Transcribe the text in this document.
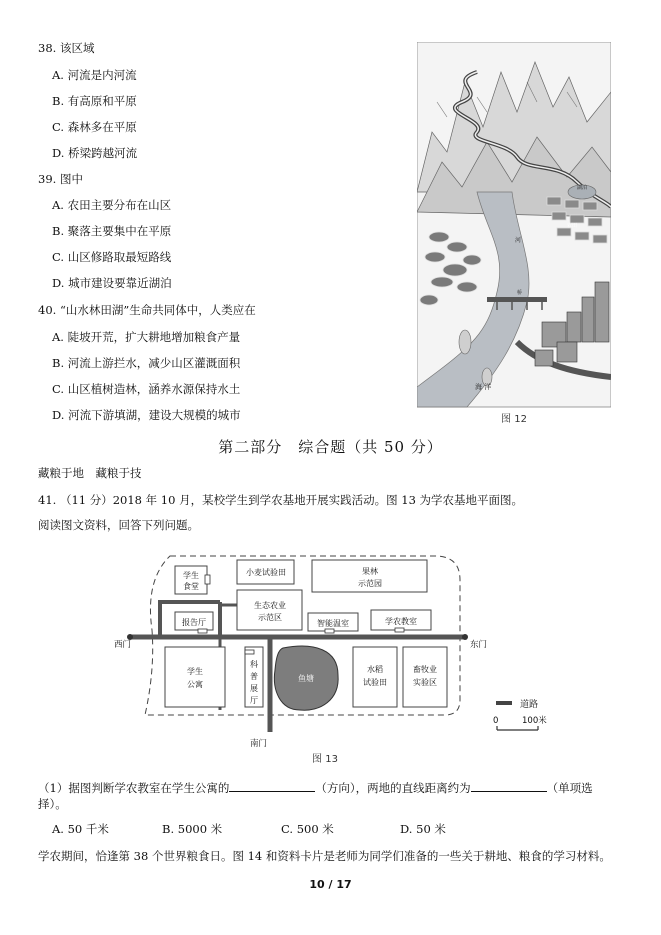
38. 该区域
A. 河流是内河流
B. 有高原和平原
C. 森林多在平原
D. 桥梁跨越河流
39. 图中
A. 农田主要分布在山区
B. 聚落主要集中在平原
C. 山区修路取最短路线
D. 城市建设要靠近湖泊
40. “山水林田湖”生命共同体中，人类应在
A. 陡坡开荒，扩大耕地增加粮食产量
B. 河流上游拦水，减少山区灌溉面积
C. 山区植树造林，涵养水源保持水土
D. 河流下游填湖，建设大规模的城市
湖泊
河
农田
桥
海 洋
图 12
第二部分　综合题（共 50 分）
藏粮于地　藏粮于技
41. （11 分）2018 年 10 月，某校学生到学农基地开展实践活动。图 13 为学农基地平面图。
阅读图文资料，回答下列问题。
学生
食堂
小麦试验田	果林
示范园
生态农业
示范区
报告厅	智能温室	学农教室
学生
公寓
科
普
展
厅
鱼塘
水稻
试验田
畜牧业
实验区
西门	东门
南门
道路
0	100米
图 13
（1）据图判断学农教室在学生公寓的	（方向），两地的直线距离约为	（单项选
择）。
A. 50 千米	B. 5000 米	C. 500 米	D. 50 米
学农期间，恰逢第 38 个世界粮食日。图 14 和资料卡片是老师为同学们准备的一些关于耕地、粮食的学习材料。
10 / 17
